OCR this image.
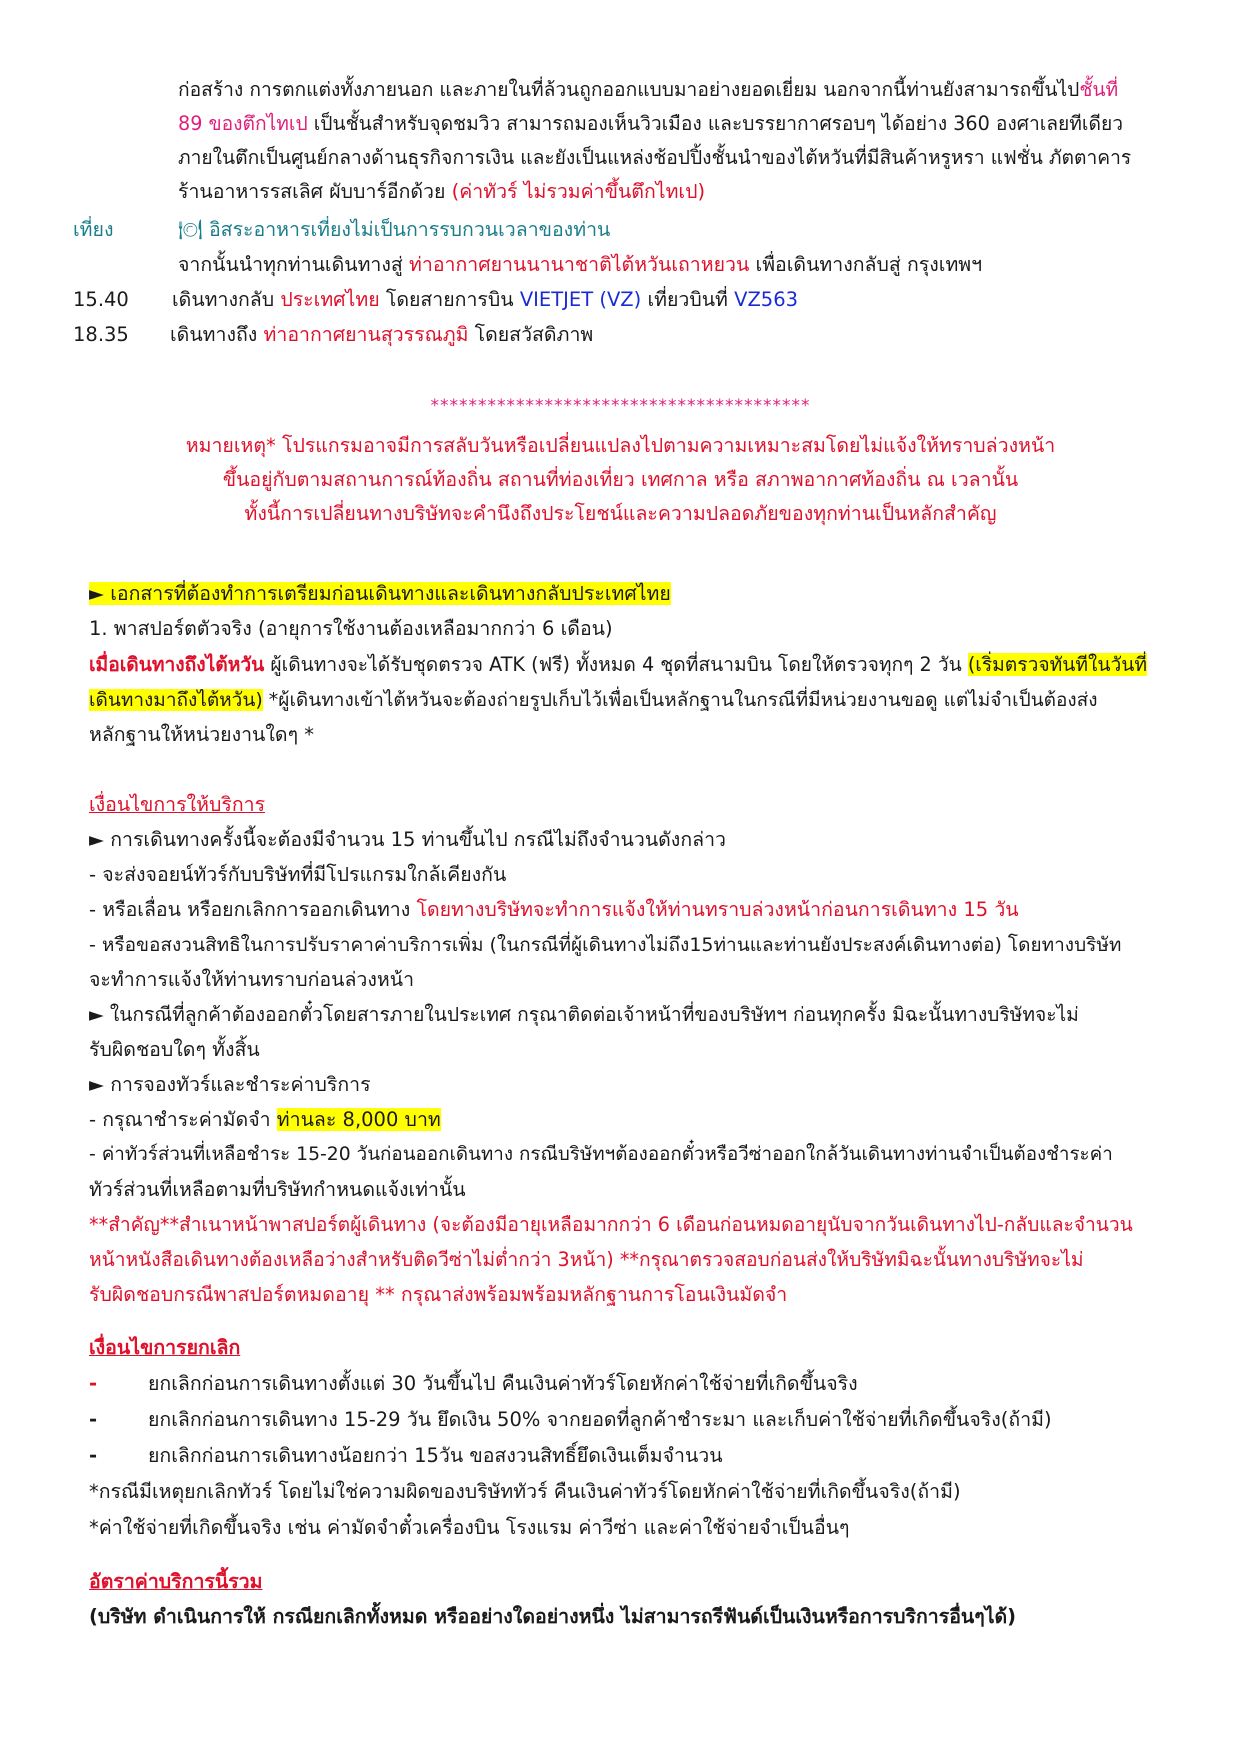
ก่อสร้าง การตกแต่งทั้งภายนอก และภายในที่ล้วนถูกออกแบบมาอย่างยอดเยี่ยม นอกจากนี้ท่านยังสามารถขึ้นไปชั้นที่
89 ของตึกไทเป เป็นชั้นสำหรับจุดชมวิว สามารถมองเห็นวิวเมือง และบรรยากาศรอบๆ ได้อย่าง 360 องศาเลยทีเดียว
ภายในตึกเป็นศูนย์กลางด้านธุรกิจการเงิน และยังเป็นแหล่งช้อปปิ้งชั้นนำของไต้หวันที่มีสินค้าหรูหรา แฟชั่น ภัตตาคาร
ร้านอาหารรสเลิศ ผับบาร์อีกด้วย (ค่าทัวร์ ไม่รวมค่าขึ้นตึกไทเป)
เที่ยง	🍽 อิสระอาหารเที่ยงไม่เป็นการรบกวนเวลาของท่าน
จากนั้นนำทุกท่านเดินทางสู่ ท่าอากาศยานนานาชาติไต้หวันเถาหยวน เพื่อเดินทางกลับสู่ กรุงเทพฯ
15.40 เดินทางกลับ ประเทศไทย โดยสายการบิน VIETJET (VZ) เที่ยวบินที่ VZ563
18.35 เดินทางถึง ท่าอากาศยานสุวรรณภูมิ โดยสวัสดิภาพ
****************************************
หมายเหตุ* โปรแกรมอาจมีการสลับวันหรือเปลี่ยนแปลงไปตามความเหมาะสมโดยไม่แจ้งให้ทราบล่วงหน้า
ขึ้นอยู่กับตามสถานการณ์ท้องถิ่น สถานที่ท่องเที่ยว เทศกาล หรือ สภาพอากาศท้องถิ่น ณ เวลานั้น
ทั้งนี้การเปลี่ยนทางบริษัทจะคำนึงถึงประโยชน์และความปลอดภัยของทุกท่านเป็นหลักสำคัญ
► เอกสารที่ต้องทำการเตรียมก่อนเดินทางและเดินทางกลับประเทศไทย
1. พาสปอร์ตตัวจริง (อายุการใช้งานต้องเหลือมากกว่า 6 เดือน)
เมื่อเดินทางถึงไต้หวัน ผู้เดินทางจะได้รับชุดตรวจ ATK (ฟรี) ทั้งหมด 4 ชุดที่สนามบิน โดยให้ตรวจทุกๆ 2 วัน (เริ่มตรวจทันทีในวันที่
เดินทางมาถึงไต้หวัน) *ผู้เดินทางเข้าไต้หวันจะต้องถ่ายรูปเก็บไว้เพื่อเป็นหลักฐานในกรณีที่มีหน่วยงานขอดู แต่ไม่จำเป็นต้องส่ง
หลักฐานให้หน่วยงานใดๆ *
เงื่อนไขการให้บริการ
► การเดินทางครั้งนี้จะต้องมีจำนวน 15 ท่านขึ้นไป กรณีไม่ถึงจำนวนดังกล่าว
- จะส่งจอยน์ทัวร์กับบริษัทที่มีโปรแกรมใกล้เคียงกัน
- หรือเลื่อน หรือยกเลิกการออกเดินทาง โดยทางบริษัทจะทำการแจ้งให้ท่านทราบล่วงหน้าก่อนการเดินทาง 15 วัน
- หรือขอสงวนสิทธิในการปรับราคาค่าบริการเพิ่ม (ในกรณีที่ผู้เดินทางไม่ถึง15ท่านและท่านยังประสงค์เดินทางต่อ) โดยทางบริษัท
จะทำการแจ้งให้ท่านทราบก่อนล่วงหน้า
► ในกรณีที่ลูกค้าต้องออกตั๋วโดยสารภายในประเทศ กรุณาติดต่อเจ้าหน้าที่ของบริษัทฯ ก่อนทุกครั้ง มิฉะนั้นทางบริษัทจะไม่
รับผิดชอบใดๆ ทั้งสิ้น
► การจองทัวร์และชำระค่าบริการ
- กรุณาชำระค่ามัดจำ ท่านละ 8,000 บาท
- ค่าทัวร์ส่วนที่เหลือชำระ 15-20 วันก่อนออกเดินทาง กรณีบริษัทฯต้องออกตั๋วหรือวีซ่าออกใกล้วันเดินทางท่านจำเป็นต้องชำระค่า
ทัวร์ส่วนที่เหลือตามที่บริษัทกำหนดแจ้งเท่านั้น
**สำคัญ**สำเนาหน้าพาสปอร์ตผู้เดินทาง (จะต้องมีอายุเหลือมากกว่า 6 เดือนก่อนหมดอายุนับจากวันเดินทางไป-กลับและจำนวน
หน้าหนังสือเดินทางต้องเหลือว่างสำหรับติดวีซ่าไม่ต่ำกว่า 3หน้า) **กรุณาตรวจสอบก่อนส่งให้บริษัทมิฉะนั้นทางบริษัทจะไม่
รับผิดชอบกรณีพาสปอร์ตหมดอายุ ** กรุณาส่งพร้อมพร้อมหลักฐานการโอนเงินมัดจำ
เงื่อนไขการยกเลิก
-	ยกเลิกก่อนการเดินทางตั้งแต่ 30 วันขึ้นไป คืนเงินค่าทัวร์โดยหักค่าใช้จ่ายที่เกิดขึ้นจริง
-	ยกเลิกก่อนการเดินทาง 15-29 วัน ยึดเงิน 50% จากยอดที่ลูกค้าชำระมา และเก็บค่าใช้จ่ายที่เกิดขึ้นจริง(ถ้ามี)
-	ยกเลิกก่อนการเดินทางน้อยกว่า 15วัน ขอสงวนสิทธิ์ยึดเงินเต็มจำนวน
*กรณีมีเหตุยกเลิกทัวร์ โดยไม่ใช่ความผิดของบริษัททัวร์ คืนเงินค่าทัวร์โดยหักค่าใช้จ่ายที่เกิดขึ้นจริง(ถ้ามี)
*ค่าใช้จ่ายที่เกิดขึ้นจริง เช่น ค่ามัดจำตั๋วเครื่องบิน โรงแรม ค่าวีซ่า และค่าใช้จ่ายจำเป็นอื่นๆ
อัตราค่าบริการนี้รวม
(บริษัท ดำเนินการให้ กรณียกเลิกทั้งหมด หรืออย่างใดอย่างหนึ่ง ไม่สามารถรีฟันด์เป็นเงินหรือการบริการอื่นๆได้)
